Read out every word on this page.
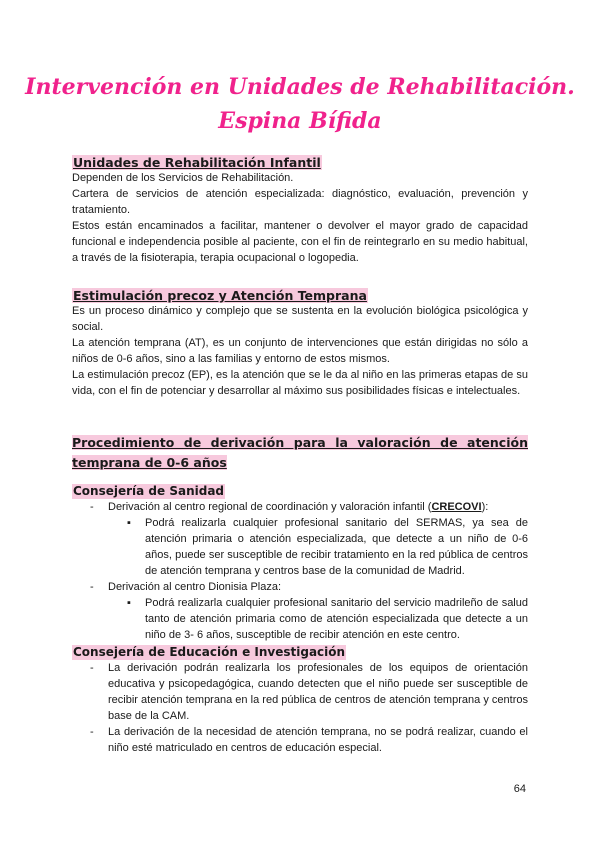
Intervención en Unidades de Rehabilitación.
Espina Bífida
Unidades de Rehabilitación Infantil

Dependen de los Servicios de Rehabilitación.

Cartera de servicios de atención especializada: diagnóstico, evaluación, prevención y tratamiento.

Estos están encaminados a facilitar, mantener o devolver el mayor grado de capacidad funcional e independencia posible al paciente, con el fin de reintegrarlo en su medio habitual, a través de la fisioterapia, terapia ocupacional o logopedia.

Estimulación precoz y Atención Temprana

Es un proceso dinámico y complejo que se sustenta en la evolución biológica psicológica y social.

La atención temprana (AT), es un conjunto de intervenciones que están dirigidas no sólo a niños de 0-6 años, sino a las familias y entorno de estos mismos.

La estimulación precoz (EP), es la atención que se le da al niño en las primeras etapas de su vida, con el fin de potenciar y desarrollar al máximo sus posibilidades físicas e intelectuales.

Procedimiento de derivación para la valoración de atención
temprana de 0-6 años
Consejería de Sanidad
- Derivación al centro regional de coordinación y valoración infantil (CRECOVI):
▪ Podrá realizarla cualquier profesional sanitario del SERMAS, ya sea de atención primaria o atención especializada, que detecte a un niño de 0-6 años, puede ser susceptible de recibir tratamiento en la red pública de centros de atención temprana y centros base de la comunidad de Madrid.
- Derivación al centro Dionisia Plaza:
▪ Podrá realizarla cualquier profesional sanitario del servicio madrileño de salud tanto de atención primaria como de atención especializada que detecte a un niño de 3- 6 años, susceptible de recibir atención en este centro.
Consejería de Educación e Investigación
- La derivación podrán realizarla los profesionales de los equipos de orientación educativa y psicopedagógica, cuando detecten que el niño puede ser susceptible de recibir atención temprana en la red pública de centros de atención temprana y centros base de la CAM.
- La derivación de la necesidad de atención temprana, no se podrá realizar, cuando el niño esté matriculado en centros de educación especial.
64
